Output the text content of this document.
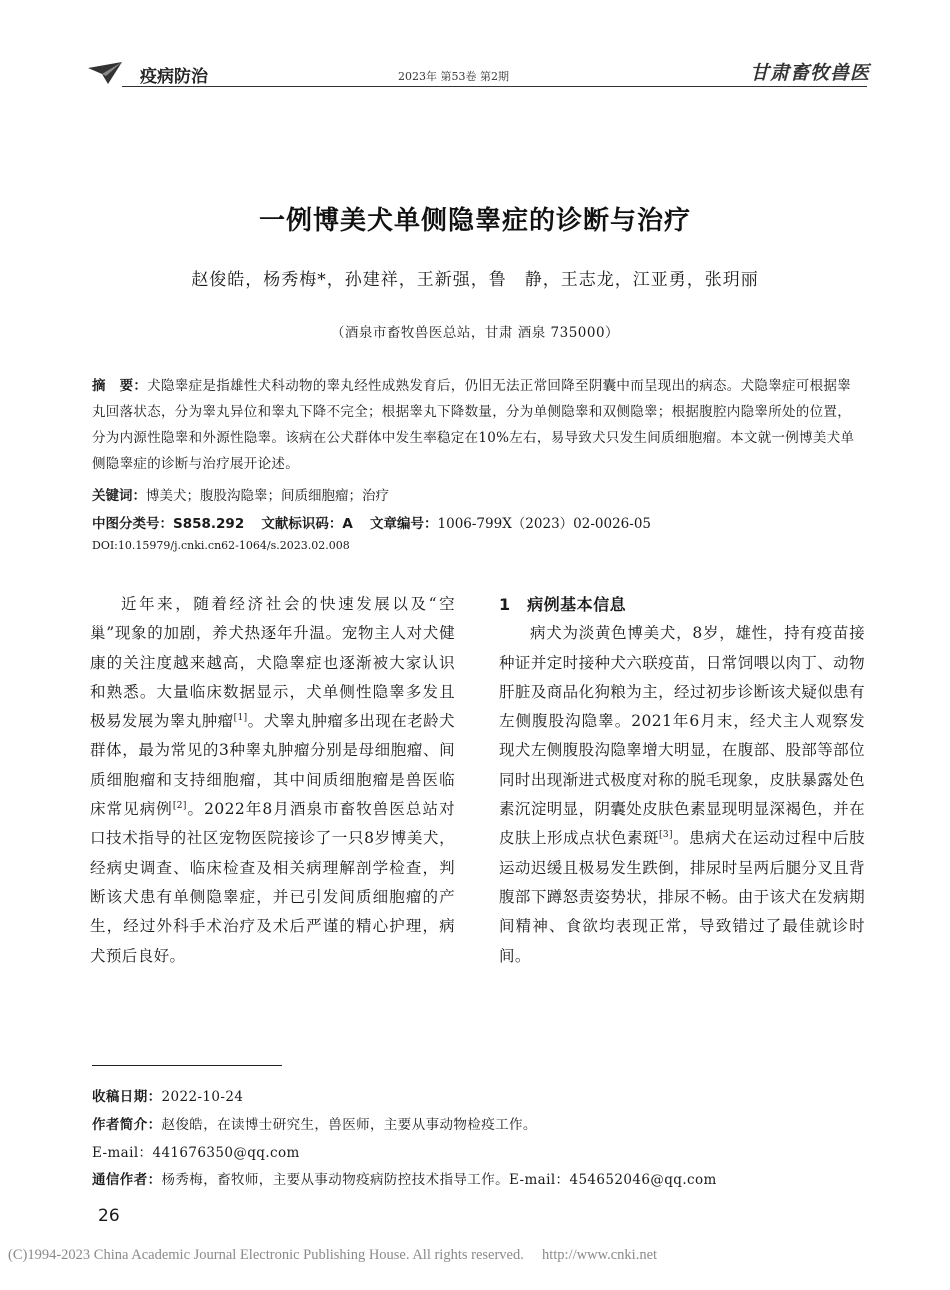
疫病防治	2023年 第53卷 第2期	甘肃畜牧兽医
一例博美犬单侧隐睾症的诊断与治疗
赵俊皓，杨秀梅*，孙建祥，王新强，鲁　静，王志龙，江亚勇，张玥丽
（酒泉市畜牧兽医总站，甘肃 酒泉 735000）
摘　要：犬隐睾症是指雄性犬科动物的睾丸经性成熟发育后，仍旧无法正常回降至阴囊中而呈现出的病态。犬隐睾症可根据睾丸回落状态，分为睾丸异位和睾丸下降不完全；根据睾丸下降数量，分为单侧隐睾和双侧隐睾；根据腹腔内隐睾所处的位置，分为内源性隐睾和外源性隐睾。该病在公犬群体中发生率稳定在10%左右，易导致犬只发生间质细胞瘤。本文就一例博美犬单侧隐睾症的诊断与治疗展开论述。
关键词：博美犬；腹股沟隐睾；间质细胞瘤；治疗
中图分类号：S858.292 文献标识码：A 文章编号：1006-799X（2023）02-0026-05
DOI:10.15979/j.cnki.cn62-1064/s.2023.02.008

近年来，随着经济社会的快速发展以及“空巢”现象的加剧，养犬热逐年升温。宠物主人对犬健康的关注度越来越高，犬隐睾症也逐渐被大家认识和熟悉。大量临床数据显示，犬单侧性隐睾多发且极易发展为睾丸肿瘤[1]。犬睾丸肿瘤多出现在老龄犬群体，最为常见的3种睾丸肿瘤分别是母细胞瘤、间质细胞瘤和支持细胞瘤，其中间质细胞瘤是兽医临床常见病例[2]。2022年8月酒泉市畜牧兽医总站对口技术指导的社区宠物医院接诊了一只8岁博美犬，经病史调查、临床检查及相关病理解剖学检查，判断该犬患有单侧隐睾症，并已引发间质细胞瘤的产生，经过外科手术治疗及术后严谨的精心护理，病犬预后良好。

1　病例基本信息

病犬为淡黄色博美犬，8岁，雄性，持有疫苗接种证并定时接种犬六联疫苗，日常饲喂以肉丁、动物肝脏及商品化狗粮为主，经过初步诊断该犬疑似患有左侧腹股沟隐睾。2021年6月末，经犬主人观察发现犬左侧腹股沟隐睾增大明显，在腹部、股部等部位同时出现渐进式极度对称的脱毛现象，皮肤暴露处色素沉淀明显，阴囊处皮肤色素显现明显深褐色，并在皮肤上形成点状色素斑[3]。患病犬在运动过程中后肢运动迟缓且极易发生跌倒，排尿时呈两后腿分叉且背腹部下蹲怒责姿势状，排尿不畅。由于该犬在发病期间精神、食欲均表现正常，导致错过了最佳就诊时间。

收稿日期：2022-10-24
作者简介：赵俊皓，在读博士研究生，兽医师，主要从事动物检疫工作。
E-mail：441676350@qq.com
通信作者：杨秀梅，畜牧师，主要从事动物疫病防控技术指导工作。E-mail：454652046@qq.com
26
(C)1994-2023 China Academic Journal Electronic Publishing House. All rights reserved.　 http://www.cnki.net
